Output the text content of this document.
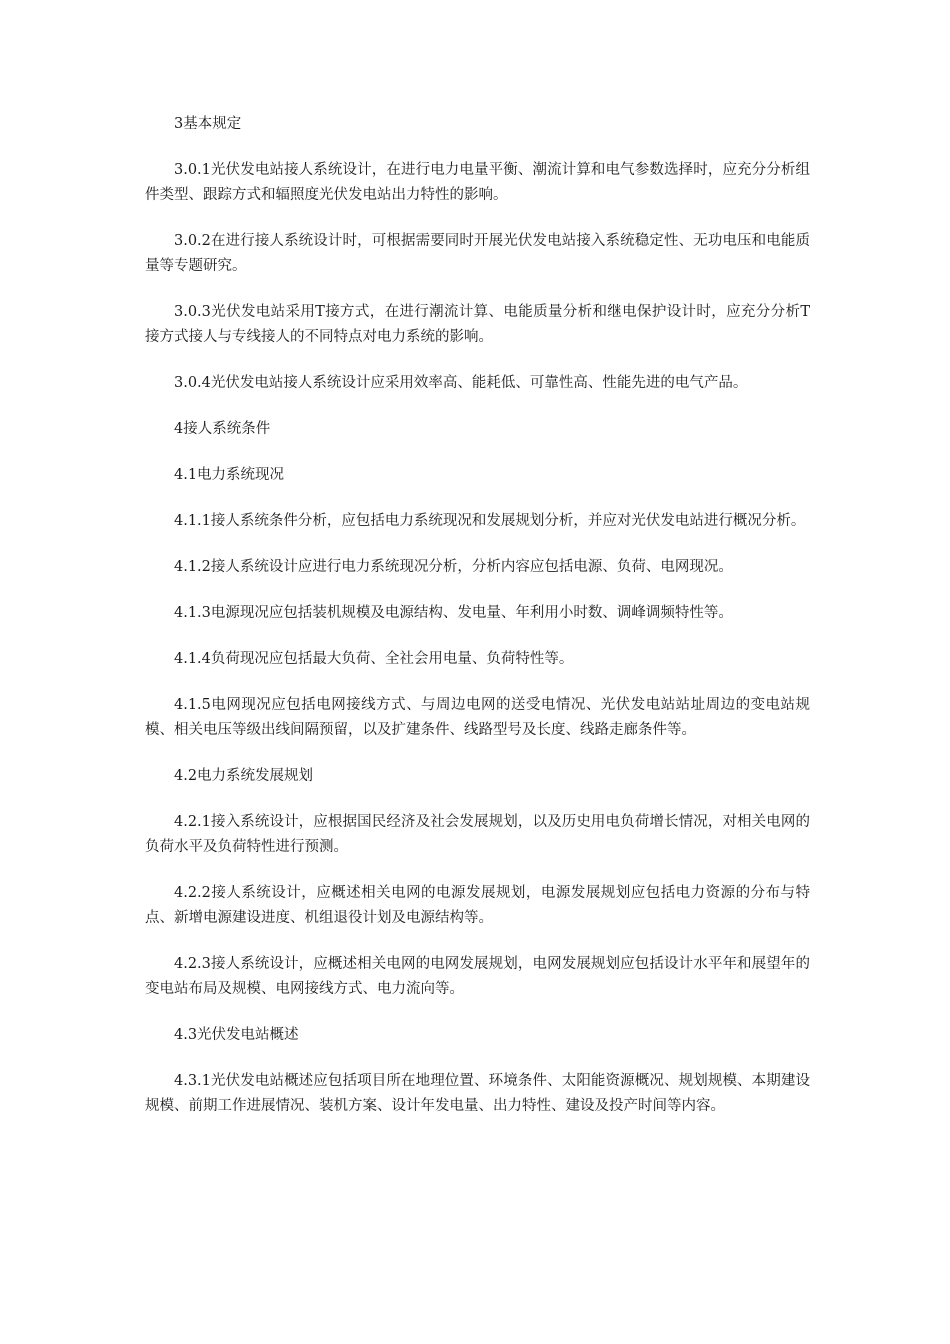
3基本规定

3.0.1光伏发电站接人系统设计，在进行电力电量平衡、潮流计算和电气参数选择时，应充分分析组件类型、跟踪方式和辐照度光伏发电站出力特性的影响。

3.0.2在进行接人系统设计时，可根据需要同时开展光伏发电站接入系统稳定性、无功电压和电能质量等专题研究。

3.0.3光伏发电站采用T接方式，在进行潮流计算、电能质量分析和继电保护设计时，应充分分析T接方式接人与专线接人的不同特点对电力系统的影响。

3.0.4光伏发电站接人系统设计应采用效率高、能耗低、可靠性高、性能先进的电气产品。

4接人系统条件

4.1电力系统现况

4.1.1接人系统条件分析，应包括电力系统现况和发展规划分析，并应对光伏发电站进行概况分析。

4.1.2接人系统设计应进行电力系统现况分析，分析内容应包括电源、负荷、电网现况。

4.1.3电源现况应包括装机规模及电源结构、发电量、年利用小时数、调峰调频特性等。

4.1.4负荷现况应包括最大负荷、全社会用电量、负荷特性等。

4.1.5电网现况应包括电网接线方式、与周边电网的送受电情况、光伏发电站站址周边的变电站规模、相关电压等级出线间隔预留，以及扩建条件、线路型号及长度、线路走廊条件等。

4.2电力系统发展规划

4.2.1接入系统设计，应根据国民经济及社会发展规划，以及历史用电负荷增长情况，对相关电网的负荷水平及负荷特性进行预测。

4.2.2接人系统设计，应概述相关电网的电源发展规划，电源发展规划应包括电力资源的分布与特点、新增电源建设进度、机组退役计划及电源结构等。

4.2.3接人系统设计，应概述相关电网的电网发展规划，电网发展规划应包括设计水平年和展望年的变电站布局及规模、电网接线方式、电力流向等。

4.3光伏发电站概述

4.3.1光伏发电站概述应包括项目所在地理位置、环境条件、太阳能资源概况、规划规模、本期建设规模、前期工作进展情况、装机方案、设计年发电量、出力特性、建设及投产时间等内容。
